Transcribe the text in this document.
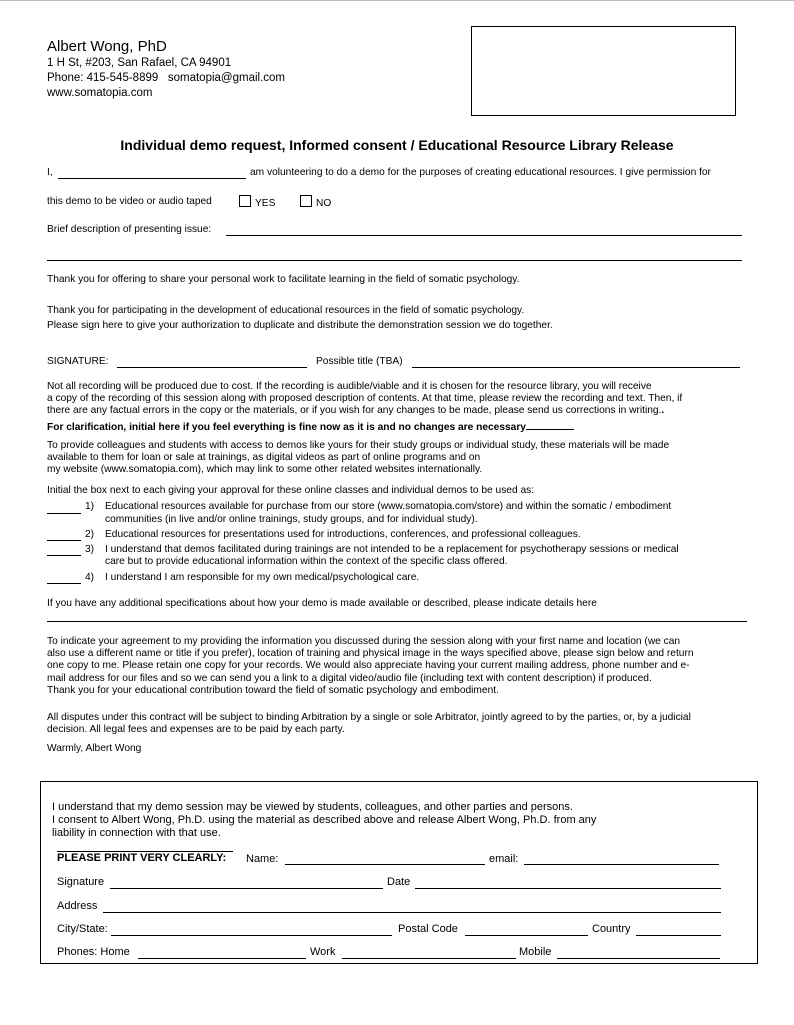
Albert Wong, PhD
1 H St, #203, San Rafael, CA 94901
Phone: 415-545-8899 somatopia@gmail.com
www.somatopia.com
Individual demo request, Informed consent / Educational Resource Library Release
I,	am volunteering to do a demo for the purposes of creating educational resources. I give permission for
this demo to be video or audio taped	YES	NO
Brief description of presenting issue:
Thank you for offering to share your personal work to facilitate learning in the field of somatic psychology.
Thank you for participating in the development of educational resources in the field of somatic psychology.
Please sign here to give your authorization to duplicate and distribute the demonstration session we do together.
SIGNATURE:	Possible title (TBA)
Not all recording will be produced due to cost. If the recording is audible/viable and it is chosen for the resource library, you will receive
a copy of the recording of this session along with proposed description of contents. At that time, please review the recording and text. Then, if
there are any factual errors in the copy or the materials, or if you wish for any changes to be made, please send us corrections in writing..
For clarification, initial here if you feel everything is fine now as it is and no changes are necessary
To provide colleagues and students with access to demos like yours for their study groups or individual study, these materials will be made
available to them for loan or sale at trainings, as digital videos as part of online programs and on
my website (www.somatopia.com), which may link to some other related websites internationally.
Initial the box next to each giving your approval for these online classes and individual demos to be used as:
1) Educational resources available for purchase from our store (www.somatopia.com/store) and within the somatic / embodiment
communities (in live and/or online trainings, study groups, and for individual study).
2) Educational resources for presentations used for introductions, conferences, and professional colleagues.
3) I understand that demos facilitated during trainings are not intended to be a replacement for psychotherapy sessions or medical
care but to provide educational information within the context of the specific class offered.
4) I understand I am responsible for my own medical/psychological care.
If you have any additional specifications about how your demo is made available or described, please indicate details here
To indicate your agreement to my providing the information you discussed during the session along with your first name and location (we can
also use a different name or title if you prefer), location of training and physical image in the ways specified above, please sign below and return
one copy to me. Please retain one copy for your records. We would also appreciate having your current mailing address, phone number and e-
mail address for our files and so we can send you a link to a digital video/audio file (including text with content description) if produced.
Thank you for your educational contribution toward the field of somatic psychology and embodiment.
All disputes under this contract will be subject to binding Arbitration by a single or sole Arbitrator, jointly agreed to by the parties, or, by a judicial
decision. All legal fees and expenses are to be paid by each party.
Warmly, Albert Wong
I understand that my demo session may be viewed by students, colleagues, and other parties and persons.
I consent to Albert Wong, Ph.D. using the material as described above and release Albert Wong, Ph.D. from any
liability in connection with that use.
PLEASE PRINT VERY CLEARLY: Name:	email:
Signature	Date
Address
City/State:	Postal Code	Country
Phones: Home	Work	Mobile
